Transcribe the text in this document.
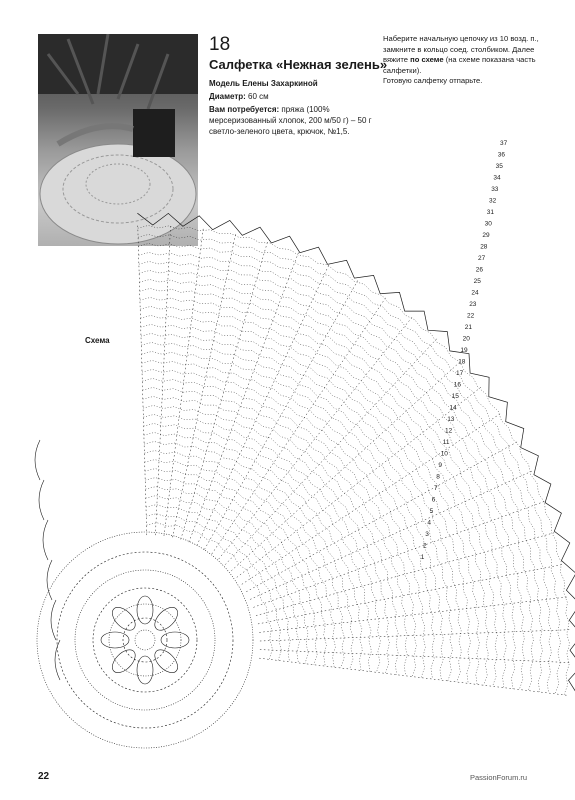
18
Салфетка «Нежная зелень»

Модель Елены Захаркиной

Диаметр: 60 см

Вам потребуется: пряжа (100% мерсеризованный хлопок, 200 м/50 г) – 50 г светло-зеленого цвета, крючок, №1,5.

Наберите начальную цепочку из 10 возд. п., замкните в кольцо соед. столбиком. Далее вяжите по схеме (на схеме показана часть салфетки).

Готовую салфетку отпарьте.

Схема
37
36
35
34
33
32
31
30
29
28
27
26
25
24
23
22
21
20
19
18
17
16
15
14
13
12
11
10
9
8
7
6
5
4
3
2
1
22	PassionForum.ru
